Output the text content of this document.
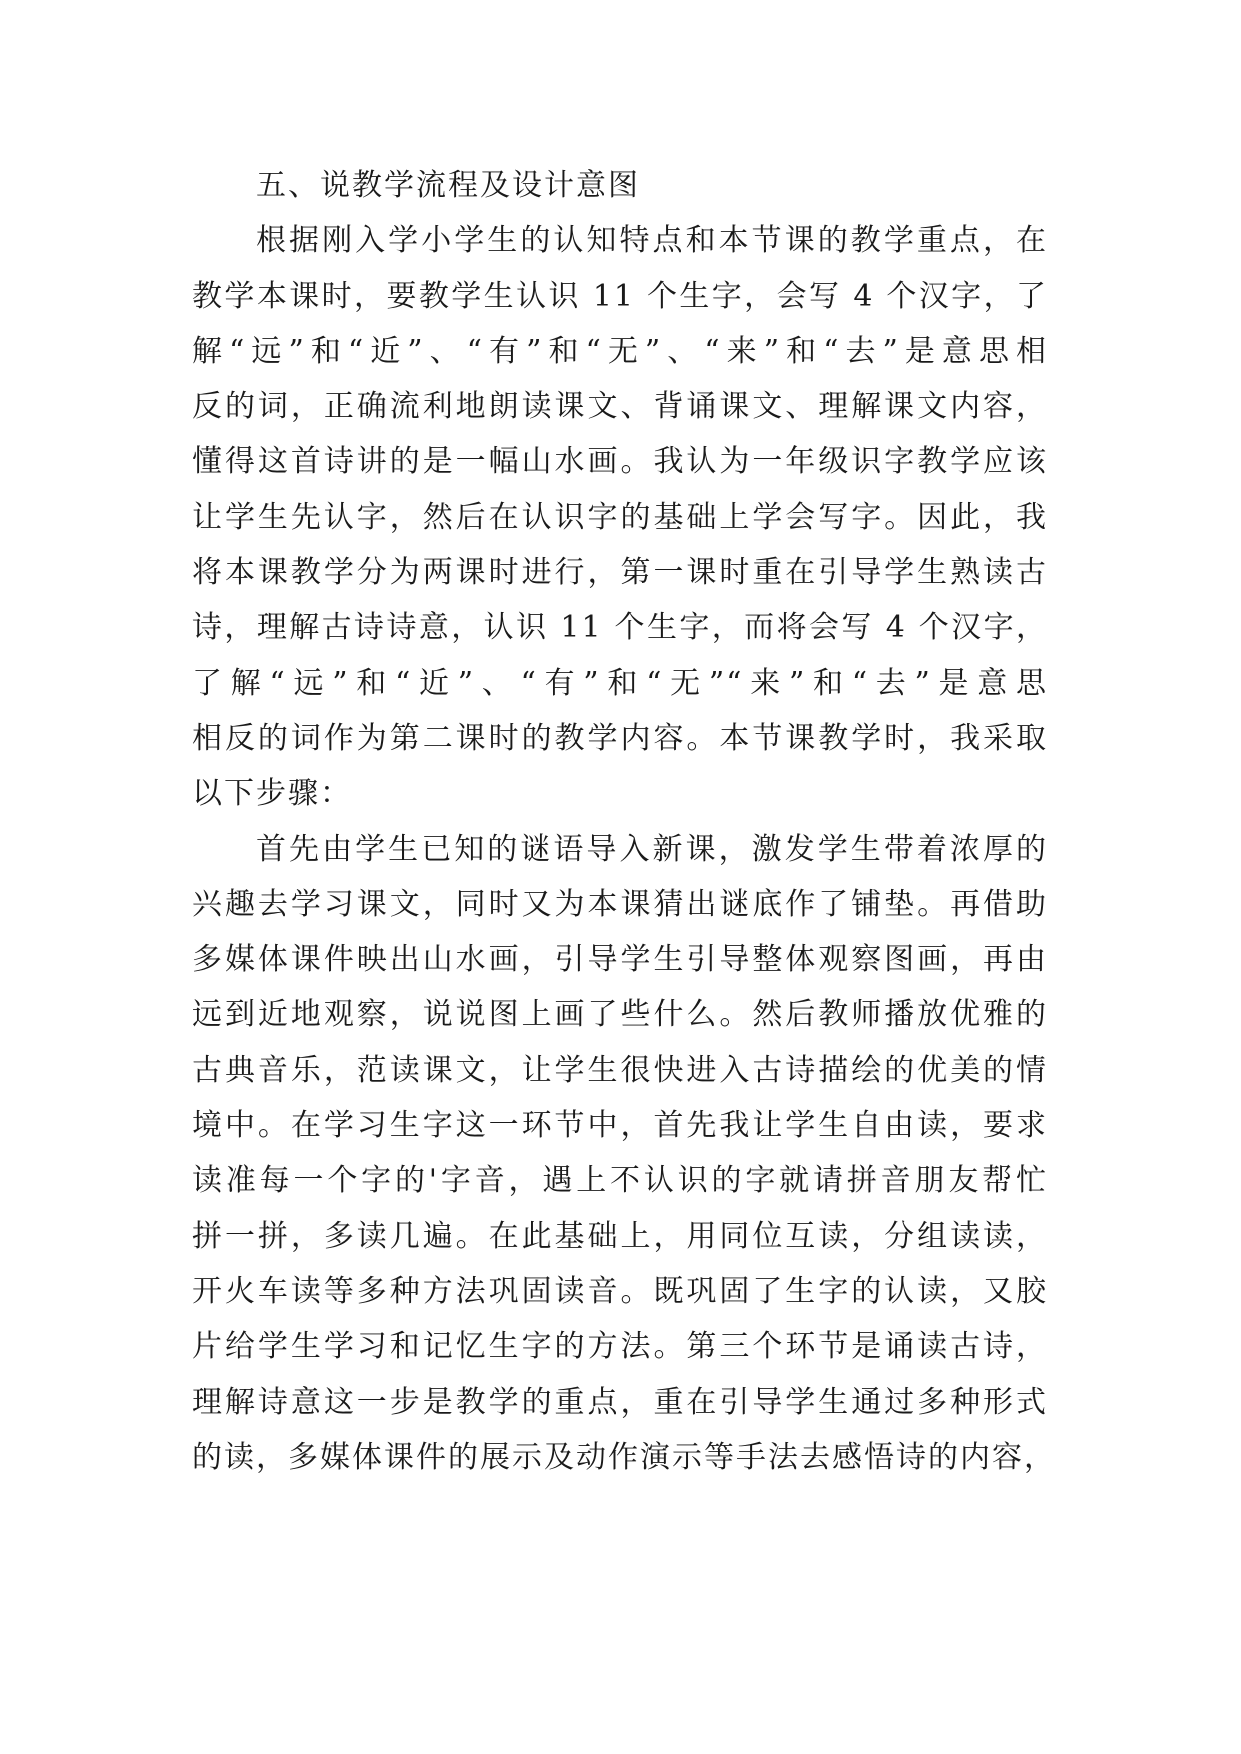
五、说教学流程及设计意图
根据刚入学小学生的认知特点和本节课的教学重点，在
教学本课时，要教学生认识 11 个生字，会写 4 个汉字，了
解“远”和“近”、“有”和“无”、“来”和“去”是意思相
反的词，正确流利地朗读课文、背诵课文、理解课文内容，
懂得这首诗讲的是一幅山水画。我认为一年级识字教学应该
让学生先认字，然后在认识字的基础上学会写字。因此，我
将本课教学分为两课时进行，第一课时重在引导学生熟读古
诗，理解古诗诗意，认识 11 个生字，而将会写 4 个汉字，
了解“远”和“近”、“有”和“无”“来”和“去”是意思
相反的词作为第二课时的教学内容。本节课教学时，我采取
以下步骤：
首先由学生已知的谜语导入新课，激发学生带着浓厚的
兴趣去学习课文，同时又为本课猜出谜底作了铺垫。再借助
多媒体课件映出山水画，引导学生引导整体观察图画，再由
远到近地观察，说说图上画了些什么。然后教师播放优雅的
古典音乐，范读课文，让学生很快进入古诗描绘的优美的情
境中。在学习生字这一环节中，首先我让学生自由读，要求
读准每一个字的'字音，遇上不认识的字就请拼音朋友帮忙
拼一拼，多读几遍。在此基础上，用同位互读，分组读读，
开火车读等多种方法巩固读音。既巩固了生字的认读，又胶
片给学生学习和记忆生字的方法。第三个环节是诵读古诗，
理解诗意这一步是教学的重点，重在引导学生通过多种形式
的读，多媒体课件的展示及动作演示等手法去感悟诗的内容，
